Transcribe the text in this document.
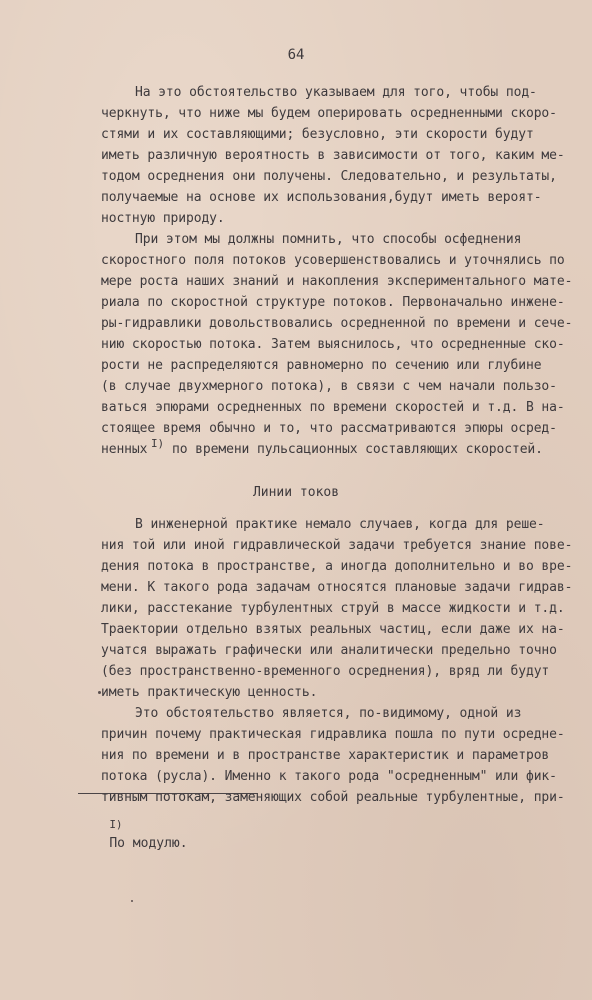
64

На это обстоятельство указываем для того, чтобы под-

черкнуть, что ниже мы будем оперировать осредненными скоро-

стями и их составляющими; безусловно, эти скорости будут

иметь различную вероятность в зависимости от того, каким ме-

тодом осреднения они получены. Следовательно, и результаты,

получаемые на основе их использования,будут иметь вероят-

ностную природу.

При этом мы должны помнить, что способы осфеднения

скоростного поля потоков усовершенствовались и уточнялись по

мере роста наших знаний и накопления экспериментального мате-

риала по скоростной структуре потоков. Первоначально инжене-

ры-гидравлики довольствовались осредненной по времени и сече-

нию скоростью потока. Затем выяснилось, что осредненные ско-

рости не распределяются равномерно по сечению или глубине

(в случае двухмерного потока), в связи с чем начали пользо-

ваться эпюрами осредненных по времени скоростей и т.д. В на-

стоящее время обычно и то, что рассматриваются эпюры осред-

ненных I) по времени пульсационных составляющих скоростей.

Линии токов

В инженерной практике немало случаев, когда для реше-

ния той или иной гидравлической задачи требуется знание пове-

дения потока в пространстве, а иногда дополнительно и во вре-

мени. К такого рода задачам относятся плановые задачи гидрав-

лики, расстекание турбулентных струй в массе жидкости и т.д.

Траектории отдельно взятых реальных частиц, если даже их на-

учатся выражать графически или аналитически предельно точно

(без пространственно-временного осреднения), вряд ли будут

иметь практическую ценность.

Это обстоятельство является, по-видимому, одной из

причин почему практическая гидравлика пошла по пути осредне-

ния по времени и в пространстве характеристик и параметров

потока (русла). Именно к такого рода "осредненным" или фик-

тивным потокам, заменяющих собой реальные турбулентные, при-

$^{I)}$
По модулю.
